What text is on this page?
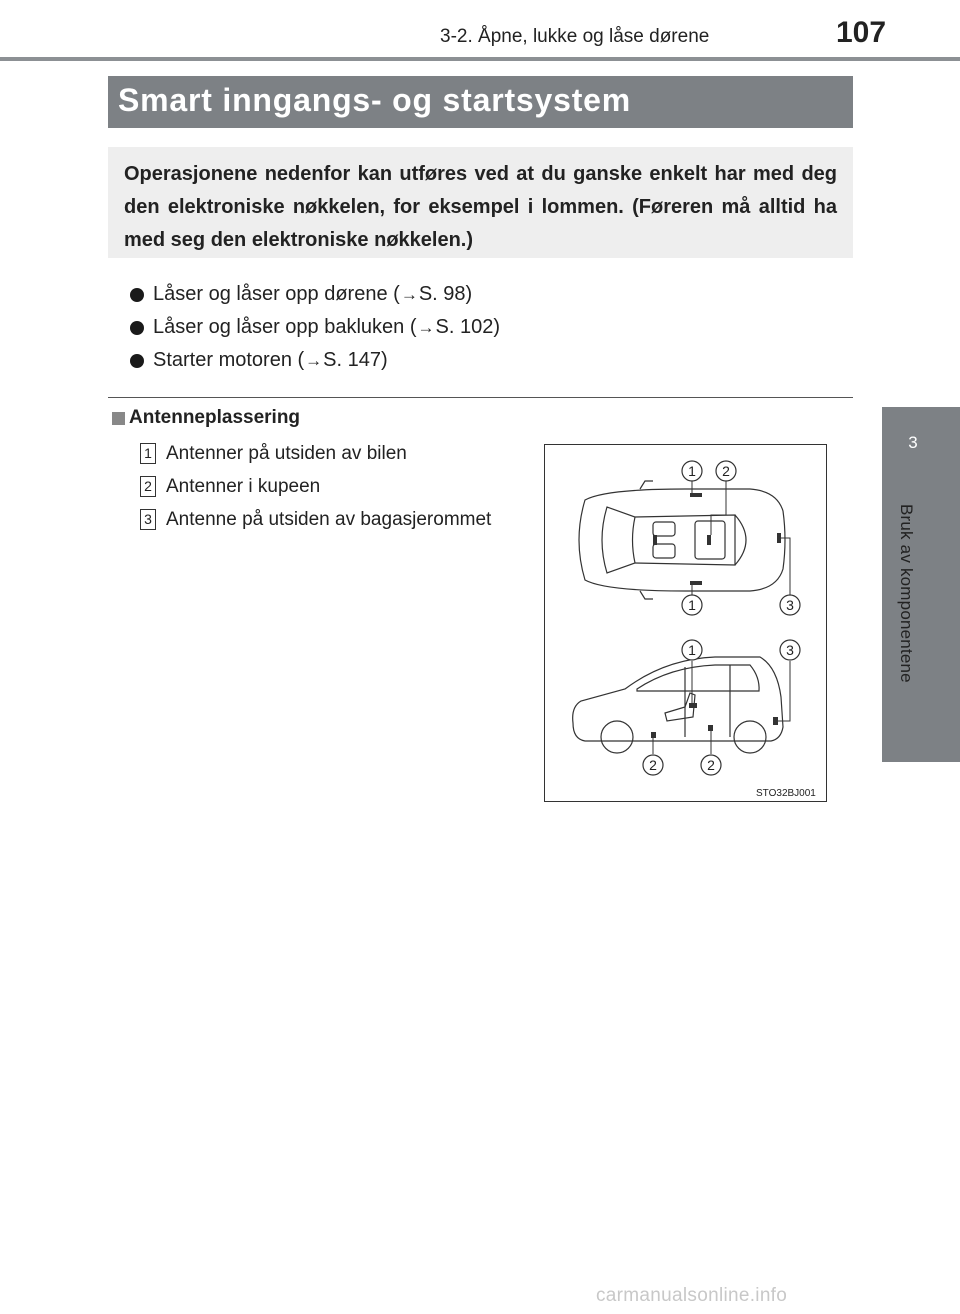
3-2. Åpne, lukke og låse dørene	107
3
Bruk av komponentene
Smart inngangs- og startsystem

Operasjonene nedenfor kan utføres ved at du ganske enkelt har med deg den elektroniske nøkkelen, for eksempel i lommen. (Føreren må alltid ha med seg den elektroniske nøkkelen.)

Låser og låser opp dørene ( → S. 98)
Låser og låser opp bakluken ( → S. 102)
Starter motoren ( → S. 147)
Antenneplassering
1 Antenner på utsiden av bilen
2 Antenner i kupeen
3 Antenne på utsiden av bagasjerommet
1 2
1	3
1	3
2	2
STO32BJ001
carmanualsonline.info
